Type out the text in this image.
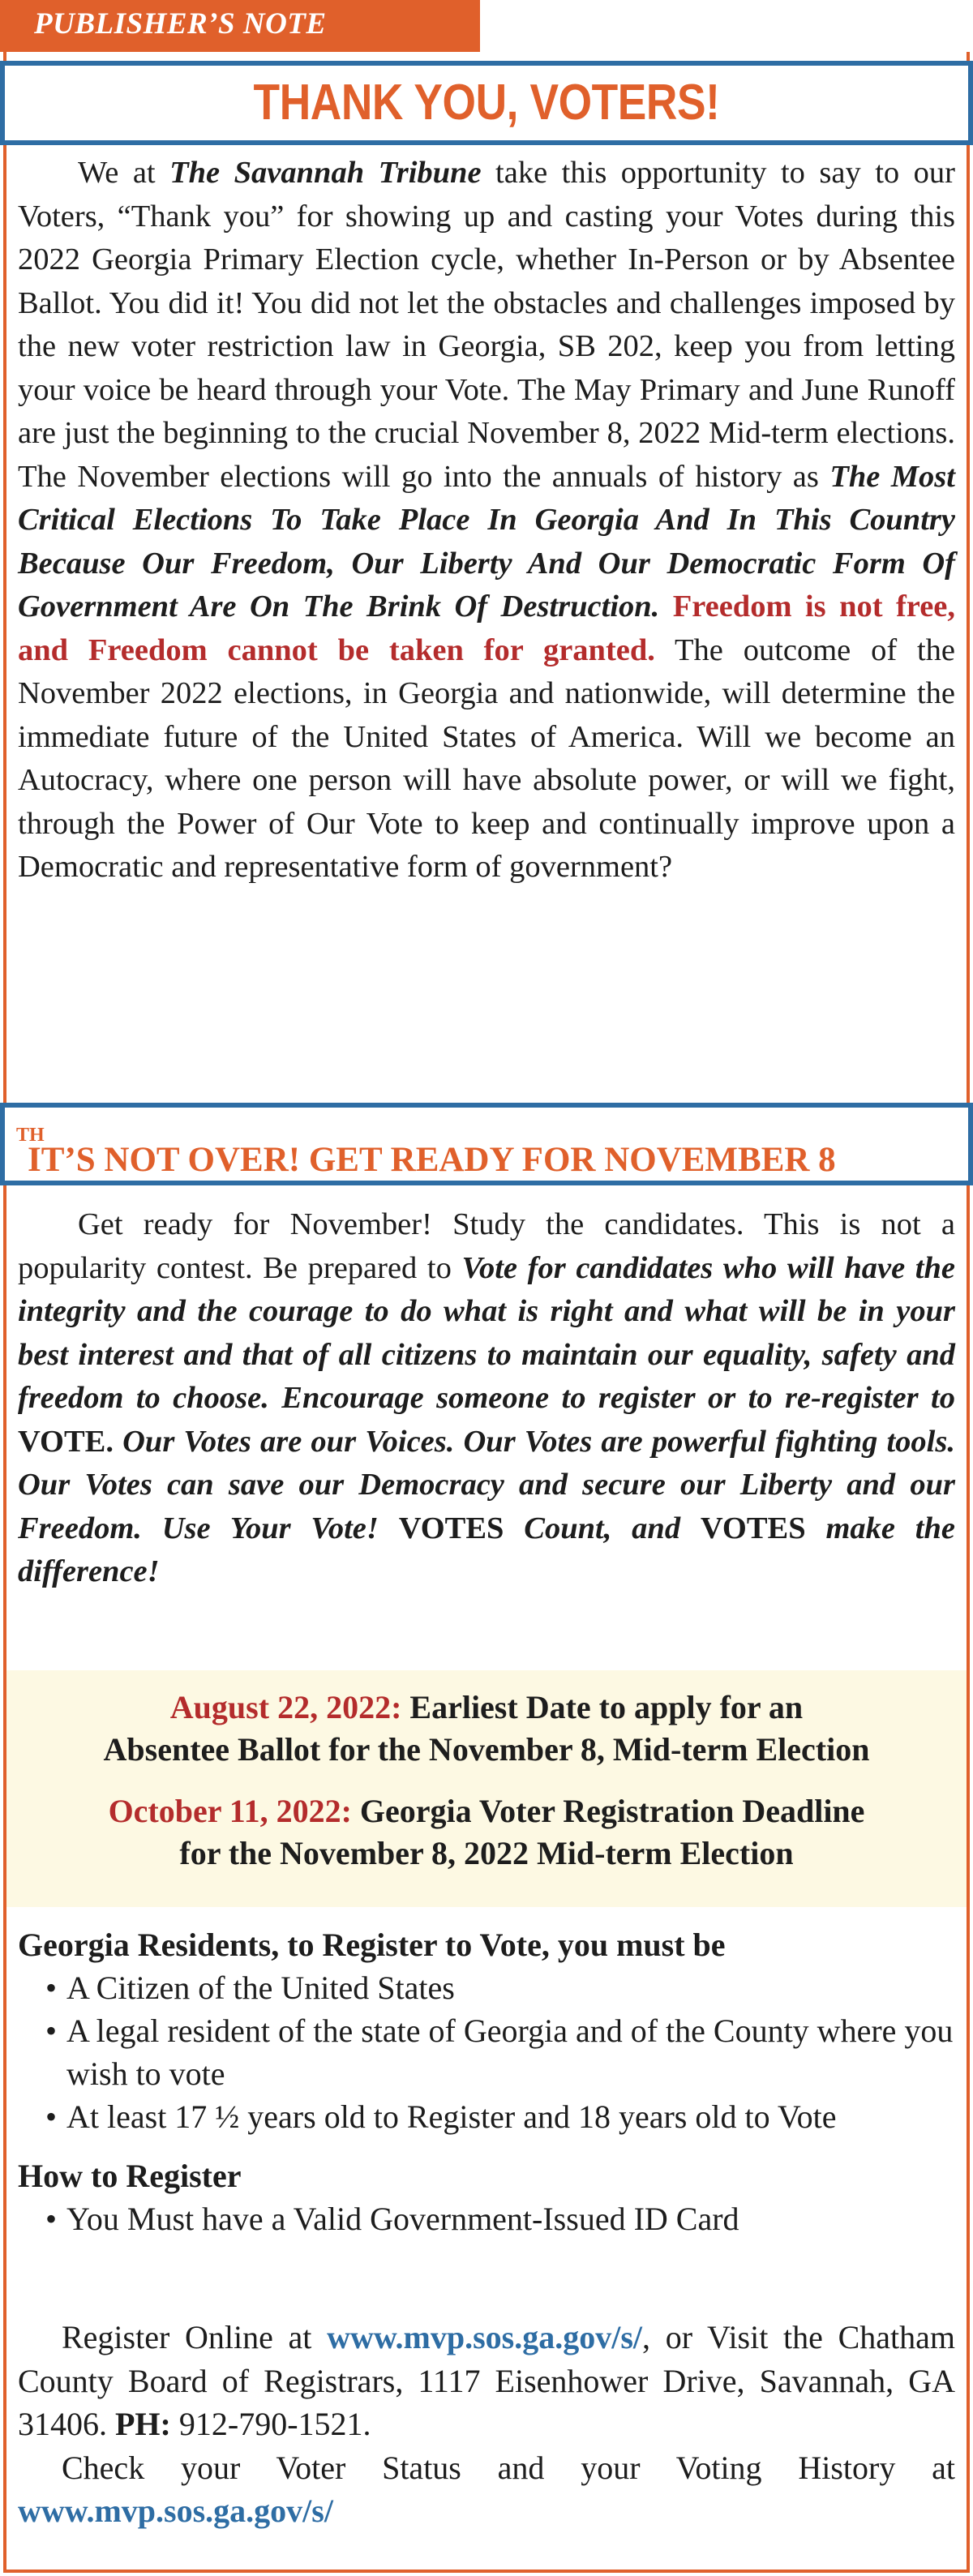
PUBLISHER’S NOTE
THANK YOU, VOTERS!

We at The Savannah Tribune take this opportunity to say to our Voters, “Thank you” for showing up and casting your Votes during this 2022 Georgia Primary Election cycle, whether In-Person or by Absentee Ballot. You did it! You did not let the obstacles and challenges imposed by the new voter restriction law in Georgia, SB 202, keep you from letting your voice be heard through your Vote. The May Primary and June Runoff are just the beginning to the crucial November 8, 2022 Mid-term elections. The November elections will go into the annuals of history as The Most Critical Elections To Take Place In Georgia And In This Country Because Our Freedom, Our Liberty And Our Democratic Form Of Government Are On The Brink Of Destruction. Freedom is not free, and Freedom cannot be taken for granted. The outcome of the November 2022 elections, in Georgia and nationwide, will determine the immediate future of the United States of America. Will we become an Autocracy, where one person will have absolute power, or will we fight, through the Power of Our Vote to keep and continually improve upon a Democratic and representative form of government?

IT’S NOT OVER! GET READY FOR NOVEMBER 8
$^{TH}$

Get ready for November! Study the candidates. This is not a popularity contest. Be prepared to Vote for candidates who will have the integrity and the courage to do what is right and what will be in your best interest and that of all citizens to maintain our equality, safety and freedom to choose. Encourage someone to register or to re-register to VOTE. Our Votes are our Voices. Our Votes are powerful fighting tools. Our Votes can save our Democracy and secure our Liberty and our Freedom. Use Your Vote! VOTES Count, and VOTES make the difference!

August 22, 2022: Earliest Date to apply for an
Absentee Ballot for the November 8, Mid-term Election
October 11, 2022: Georgia Voter Registration Deadline
for the November 8, 2022 Mid-term Election
Georgia Residents, to Register to Vote, you must be
• A Citizen of the United States
• A legal resident of the state of Georgia and of the County where you wish to vote
• At least 17 ½ years old to Register and 18 years old to Vote
How to Register
• You Must have a Valid Government-Issued ID Card

Register Online at www.mvp.sos.ga.gov/s/, or Visit the Chatham County Board of Registrars, 1117 Eisenhower Drive, Savannah, GA 31406. PH: 912-790-1521.

Check your Voter Status and your Voting History at www.mvp.sos.ga.gov/s/
